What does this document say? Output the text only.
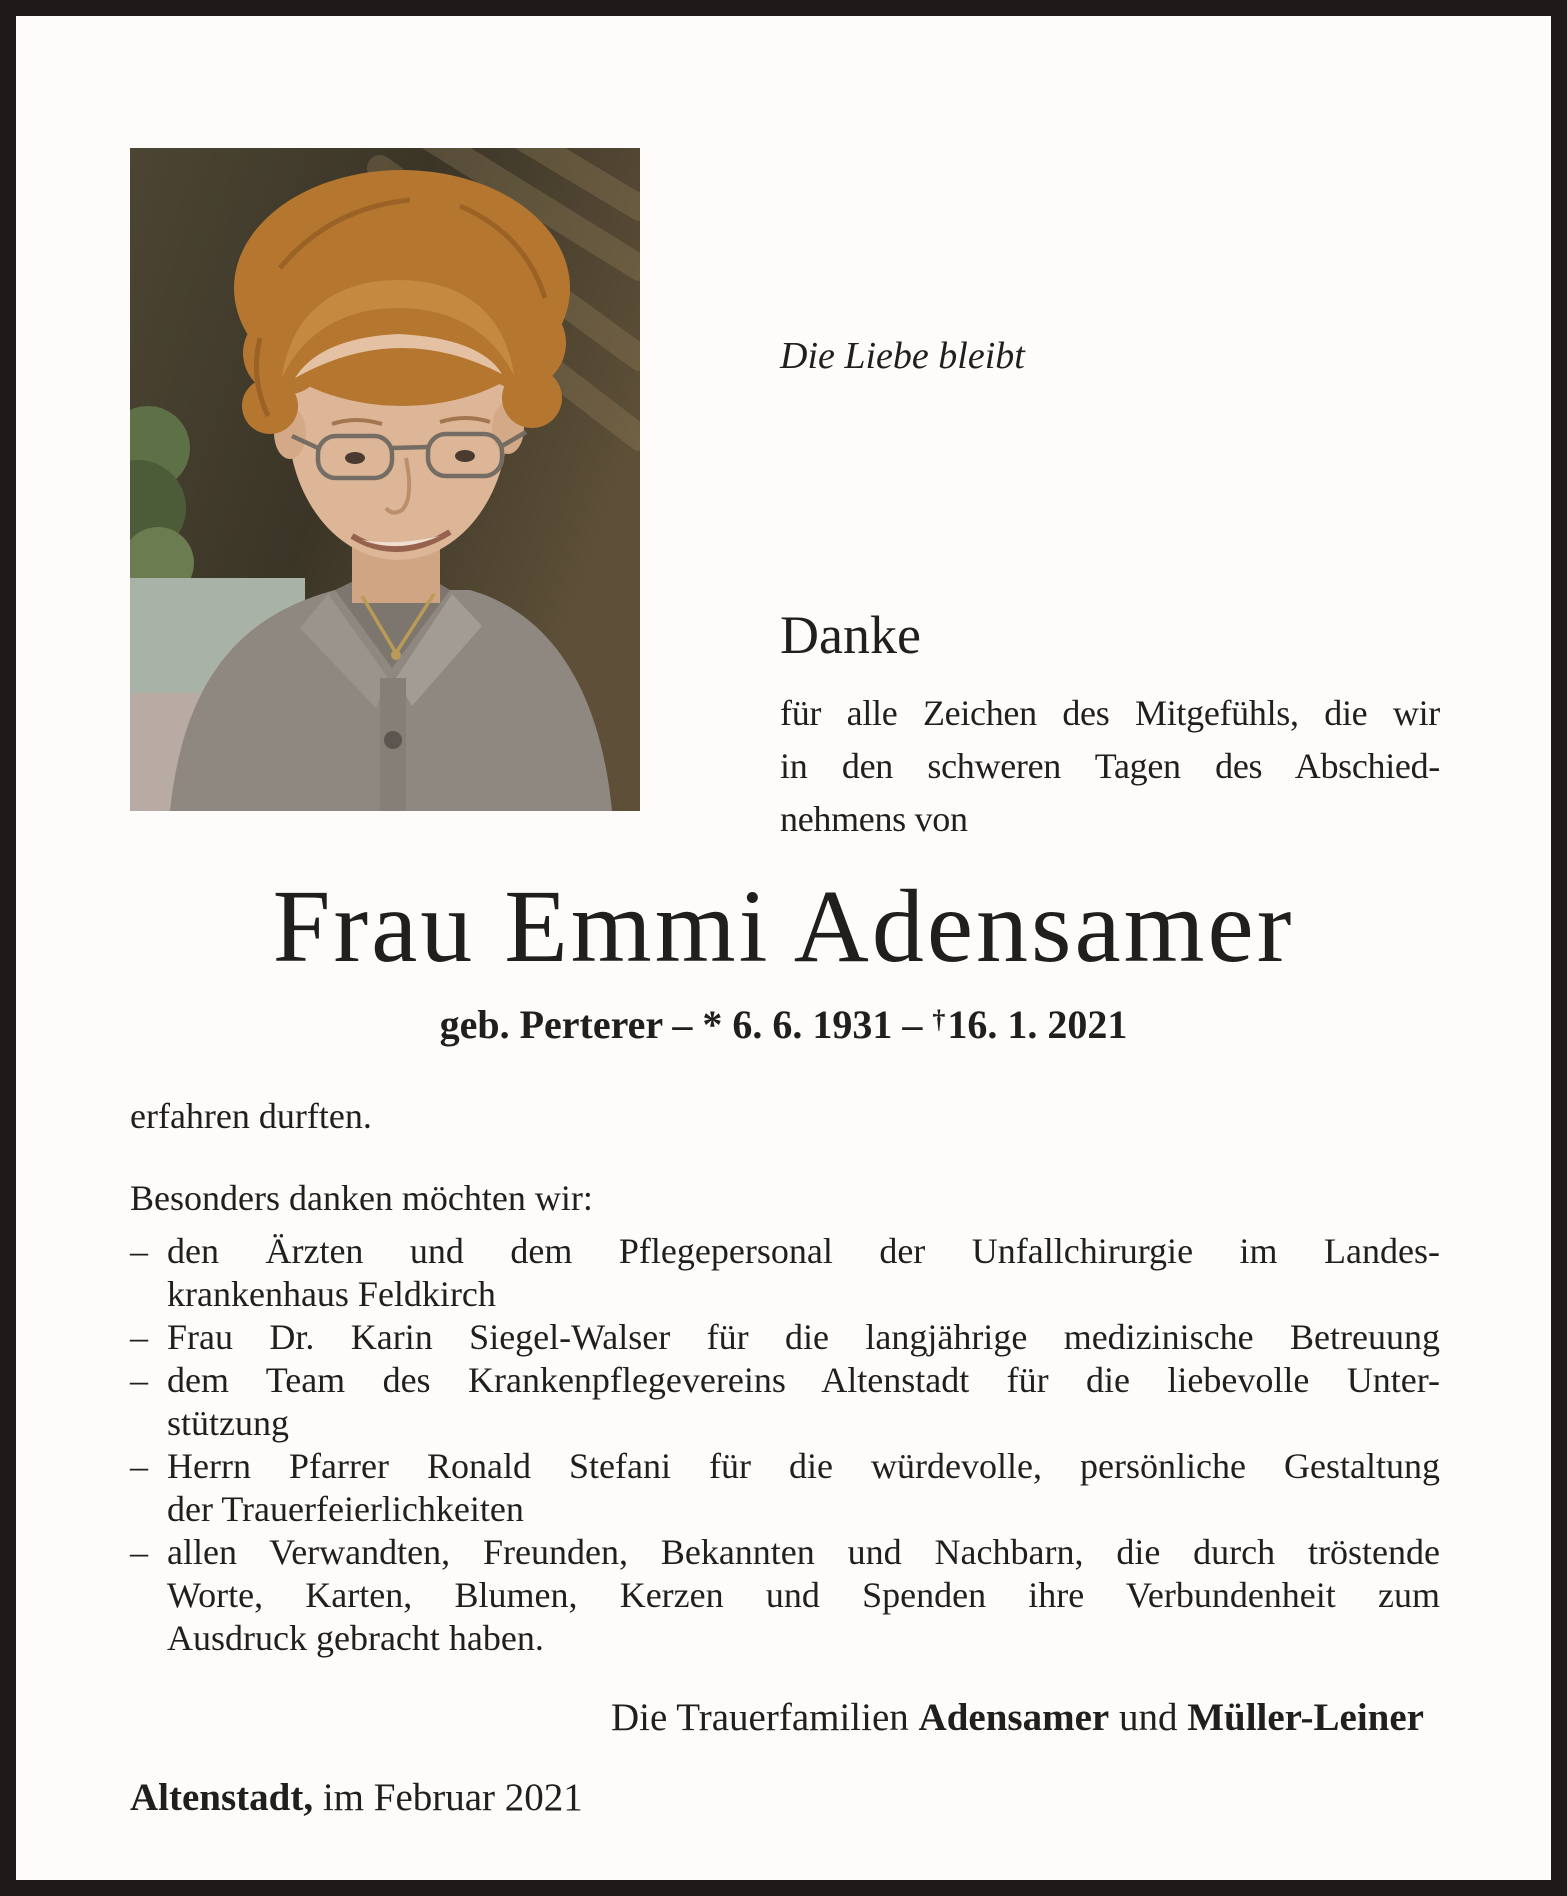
Die Liebe bleibt
Danke
für alle Zeichen des Mitgefühls, die wir
in den schweren Tagen des Abschied-
nehmens von
Frau Emmi Adensamer
geb. Perterer – * 6. 6. 1931 – †16. 1. 2021
erfahren durften.
Besonders danken möchten wir:
– den Ärzten und dem Pflegepersonal der Unfallchirurgie im Landes-
krankenhaus Feldkirch
– Frau Dr. Karin Siegel-Walser für die langjährige medizinische Betreuung
– dem Team des Krankenpflegevereins Altenstadt für die liebevolle Unter-
stützung
– Herrn Pfarrer Ronald Stefani für die würdevolle, persönliche Gestaltung
der Trauerfeierlichkeiten
– allen Verwandten, Freunden, Bekannten und Nachbarn, die durch tröstende
Worte, Karten, Blumen, Kerzen und Spenden ihre Verbundenheit zum
Ausdruck gebracht haben.
Die Trauerfamilien Adensamer und Müller-Leiner
Altenstadt, im Februar 2021
